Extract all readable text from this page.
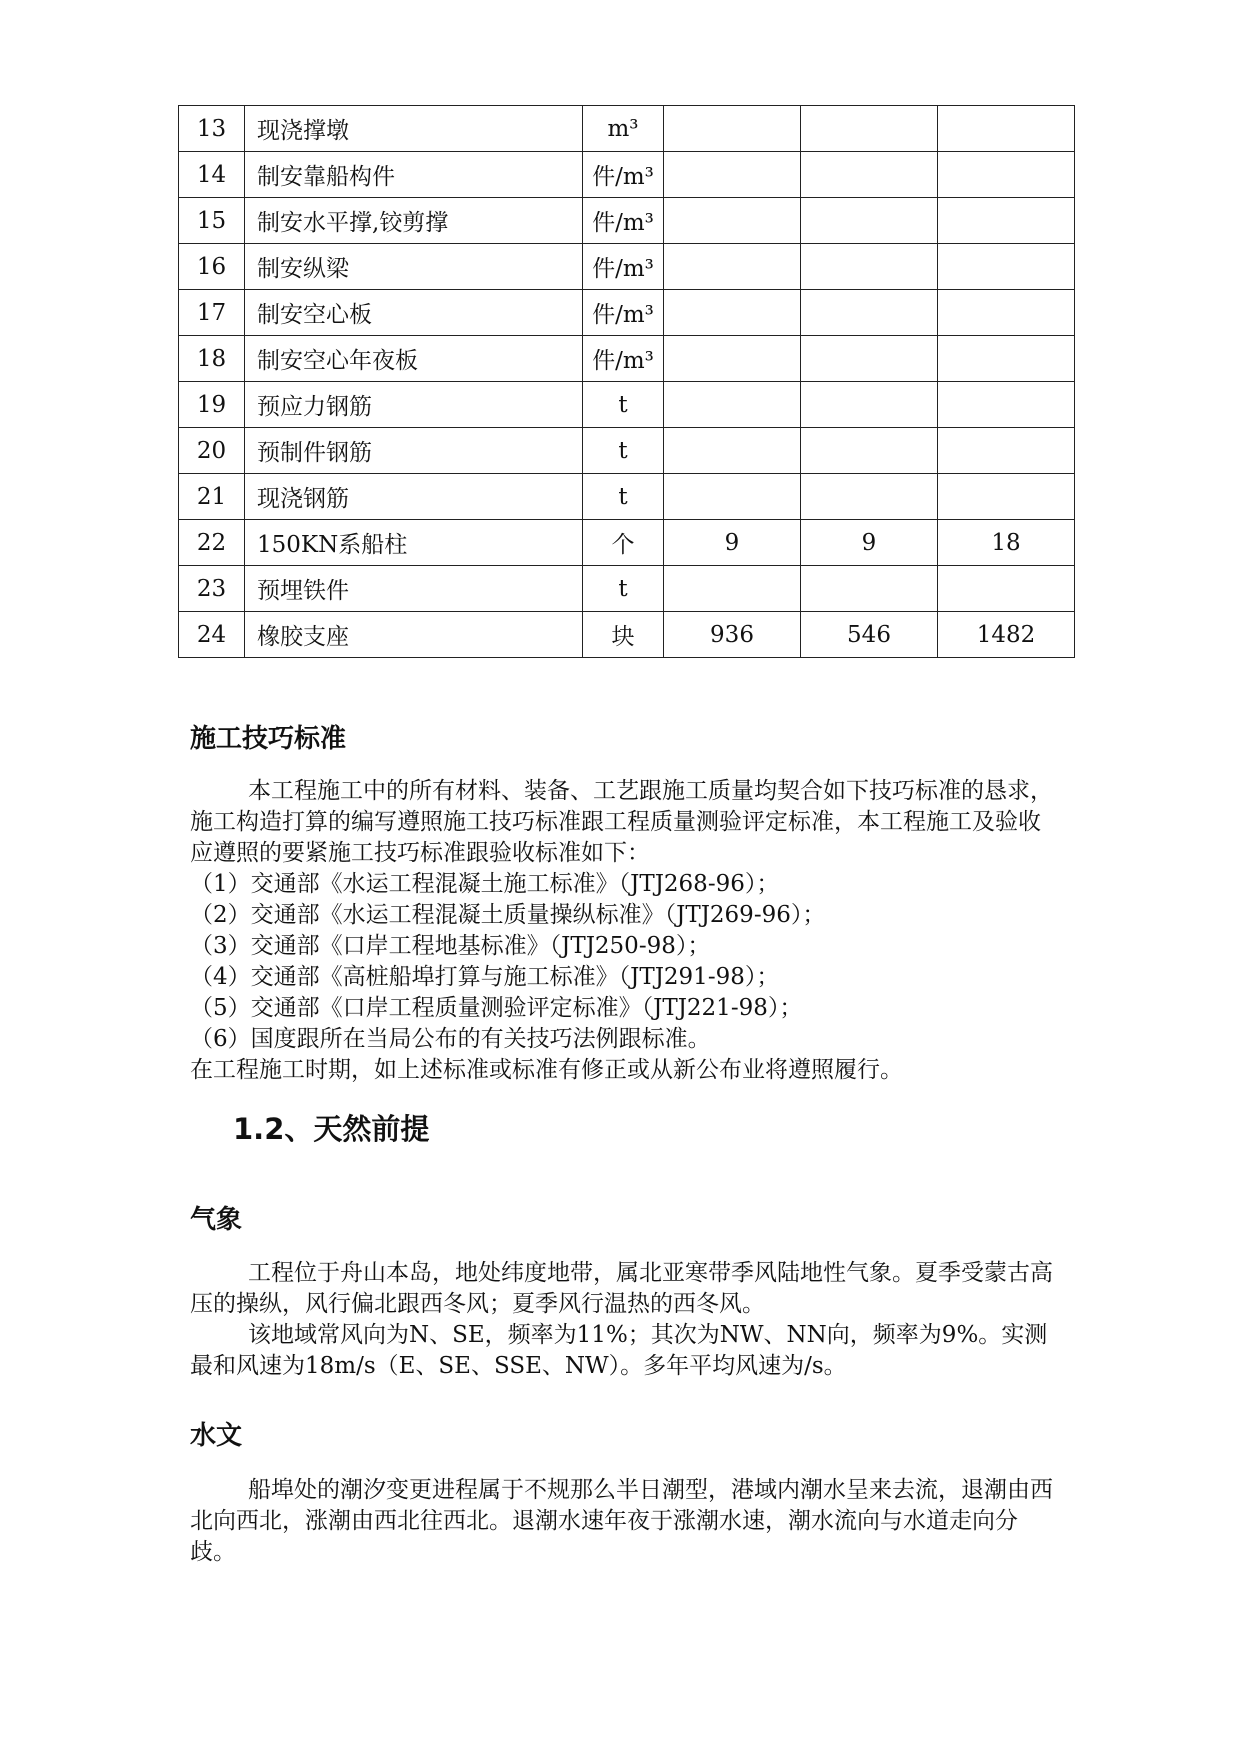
13	现浇撑墩	m³			
14	制安靠船构件	件/m³			
15	制安水平撑,铰剪撑	件/m³			
16	制安纵梁	件/m³			
17	制安空心板	件/m³			
18	制安空心年夜板	件/m³			
19	预应力钢筋	t			
20	预制件钢筋	t			
21	现浇钢筋	t			
22	150KN系船柱	个	9	9	18
23	预埋铁件	t			
24	橡胶支座	块	936	546	1482
施工技巧标准

本工程施工中的所有材料、装备、工艺跟施工质量均契合如下技巧标准的恳求，施工构造打算的编写遵照施工技巧标准跟工程质量测验评定标准，本工程施工及验收应遵照的要紧施工技巧标准跟验收标准如下：

（1）交通部《水运工程混凝土施工标准》（JTJ268-96）；

（2）交通部《水运工程混凝土质量操纵标准》（JTJ269-96）；

（3）交通部《口岸工程地基标准》（JTJ250-98）；

（4）交通部《高桩船埠打算与施工标准》（JTJ291-98）；

（5）交通部《口岸工程质量测验评定标准》（JTJ221-98）；

（6）国度跟所在当局公布的有关技巧法例跟标准。

在工程施工时期，如上述标准或标准有修正或从新公布业将遵照履行。

1.2、天然前提
气象

工程位于舟山本岛，地处纬度地带，属北亚寒带季风陆地性气象。夏季受蒙古高压的操纵，风行偏北跟西冬风；夏季风行温热的西冬风。

该地域常风向为N、SE，频率为11%；其次为NW、NN向，频率为9%。实测最和风速为18m/s（E、SE、SSE、NW）。多年平均风速为/s。

水文

船埠处的潮汐变更进程属于不规那么半日潮型，港域内潮水呈来去流，退潮由西北向西北，涨潮由西北往西北。退潮水速年夜于涨潮水速，潮水流向与水道走向分歧。
